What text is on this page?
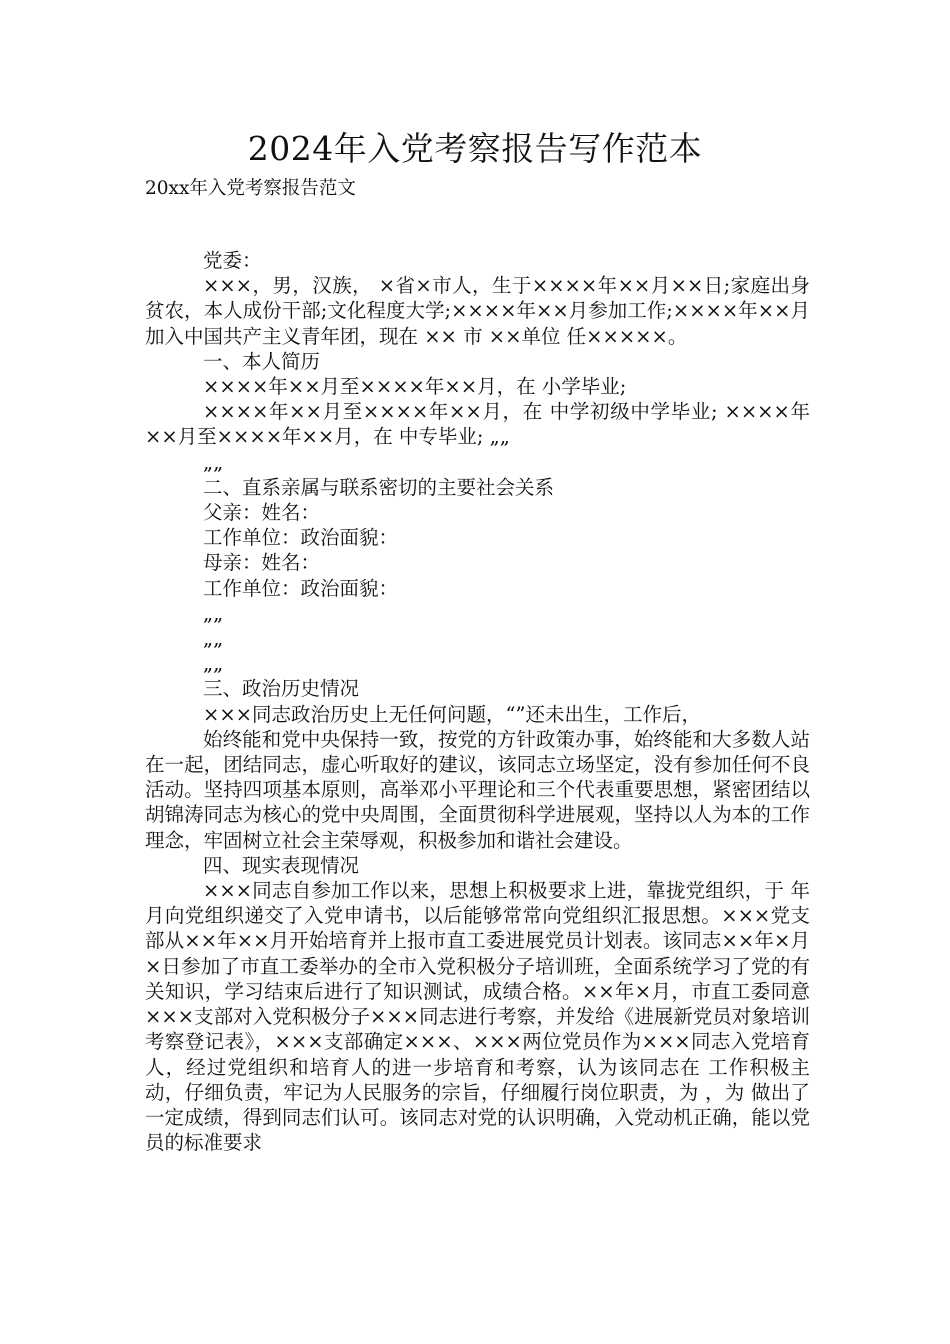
2024年入党考察报告写作范本
20xx年入党考察报告范文

党委：

×××，男，汉族， ×省×市人，生于××××年××月××日;家庭出身贫农，本人成份干部;文化程度大学;××××年××月参加工作;××××年××月加入中国共产主义青年团，现在 ×× 市 ××单位 任×××××。

一、本人简历

××××年××月至××××年××月，在 小学毕业;

××××年××月至××××年××月，在 中学初级中学毕业; ××××年××月至××××年××月，在 中专毕业; „„

„„

二、直系亲属与联系密切的主要社会关系

父亲：姓名：

工作单位：政治面貌：

母亲：姓名：

工作单位：政治面貌：

„„

„„

„„

三、政治历史情况

×××同志政治历史上无任何问题，“”还未出生，工作后，

始终能和党中央保持一致，按党的方针政策办事，始终能和大多数人站在一起，团结同志，虚心听取好的建议，该同志立场坚定，没有参加任何不良活动。坚持四项基本原则，高举邓小平理论和三个代表重要思想，紧密团结以胡锦涛同志为核心的党中央周围，全面贯彻科学进展观，坚持以人为本的工作理念，牢固树立社会主荣辱观，积极参加和谐社会建设。

四、现实表现情况

×××同志自参加工作以来，思想上积极要求上进，靠拢党组织，于 年 月向党组织递交了入党申请书，以后能够常常向党组织汇报思想。×××党支部从××年××月开始培育并上报市直工委进展党员计划表。该同志××年×月×日参加了市直工委举办的全市入党积极分子培训班，全面系统学习了党的有关知识，学习结束后进行了知识测试，成绩合格。××年×月，市直工委同意×××支部对入党积极分子×××同志进行考察，并发给《进展新党员对象培训考察登记表》，×××支部确定×××、×××两位党员作为×××同志入党培育人，经过党组织和培育人的进一步培育和考察，认为该同志在 工作积极主动，仔细负责，牢记为人民服务的宗旨，仔细履行岗位职责，为 ，为 做出了一定成绩，得到同志们认可。该同志对党的认识明确，入党动机正确，能以党员的标准要求
